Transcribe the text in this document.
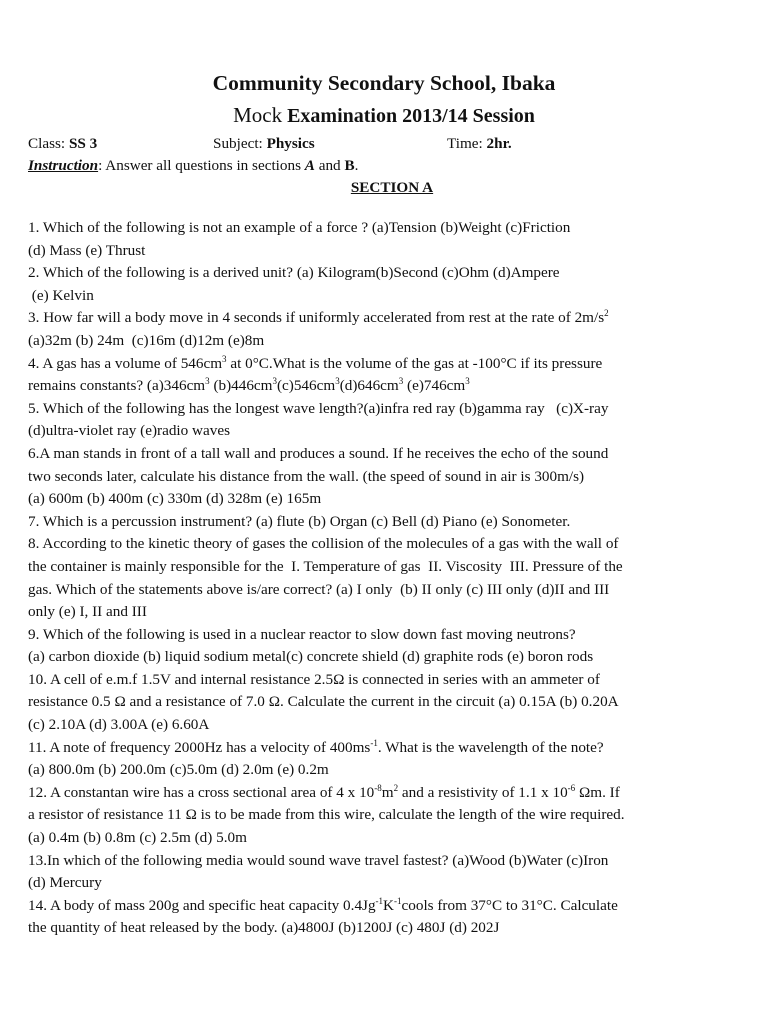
Community Secondary School, Ibaka
Mock Examination 2013/14 Session
Class: SS 3	Subject: Physics	Time: 2hr.
Instruction: Answer all questions in sections A and B.
SECTION A

1. Which of the following is not an example of a force ? (a)Tension (b)Weight (c)Friction

(d) Mass (e) Thrust

2. Which of the following is a derived unit? (a) Kilogram(b)Second (c)Ohm (d)Ampere

(e) Kelvin

3. How far will a body move in 4 seconds if uniformly accelerated from rest at the rate of $2m/s^2$

(a)32m (b) 24m  (c)16m (d)12m (e)8m

4. A gas has a volume of $546cm^3$ at 0°C.What is the volume of the gas at -100°C if its pressure

remains constants? $(a)346cm^3$ $(b)446cm^3(c)546cm^3(d)646cm^3$ $(e)746cm^3$

5. Which of the following has the longest wave length?(a)infra red ray (b)gamma ray   (c)X-ray

(d)ultra-violet ray (e)radio waves

6.A man stands in front of a tall wall and produces a sound. If he receives the echo of the sound

two seconds later, calculate his distance from the wall. (the speed of sound in air is 300m/s)

(a) 600m (b) 400m (c) 330m (d) 328m (e) 165m

7. Which is a percussion instrument? (a) flute (b) Organ (c) Bell (d) Piano (e) Sonometer.

8. According to the kinetic theory of gases the collision of the molecules of a gas with the wall of

the container is mainly responsible for the  I. Temperature of gas  II. Viscosity  III. Pressure of the

gas. Which of the statements above is/are correct? (a) I only  (b) II only (c) III only (d)II and III

only (e) I, II and III

9. Which of the following is used in a nuclear reactor to slow down fast moving neutrons?

(a) carbon dioxide (b) liquid sodium metal(c) concrete shield (d) graphite rods (e) boron rods

10. A cell of e.m.f 1.5V and internal resistance 2.5Ω is connected in series with an ammeter of

resistance 0.5 Ω and a resistance of 7.0 Ω. Calculate the current in the circuit (a) 0.15A (b) 0.20A

(c) 2.10A (d) 3.00A (e) 6.60A

11. A note of frequency 2000Hz has a velocity of $400ms^{-1}$. What is the wavelength of the note?

(a) 800.0m (b) 200.0m (c)5.0m (d) 2.0m (e) 0.2m

12. A constantan wire has a cross sectional area of 4 x $10^{-8}m^2$ and a resistivity of 1.1 x $10^{-6}$ Ωm. If

a resistor of resistance 11 Ω is to be made from this wire, calculate the length of the wire required.

(a) 0.4m (b) 0.8m (c) 2.5m (d) 5.0m

13.In which of the following media would sound wave travel fastest? (a)Wood (b)Water (c)Iron

(d) Mercury

14. A body of mass 200g and specific heat capacity $0.4Jg^{-1}K^{-1}cools$ from 37°C to 31°C. Calculate

the quantity of heat released by the body. (a)4800J (b)1200J (c) 480J (d) 202J
